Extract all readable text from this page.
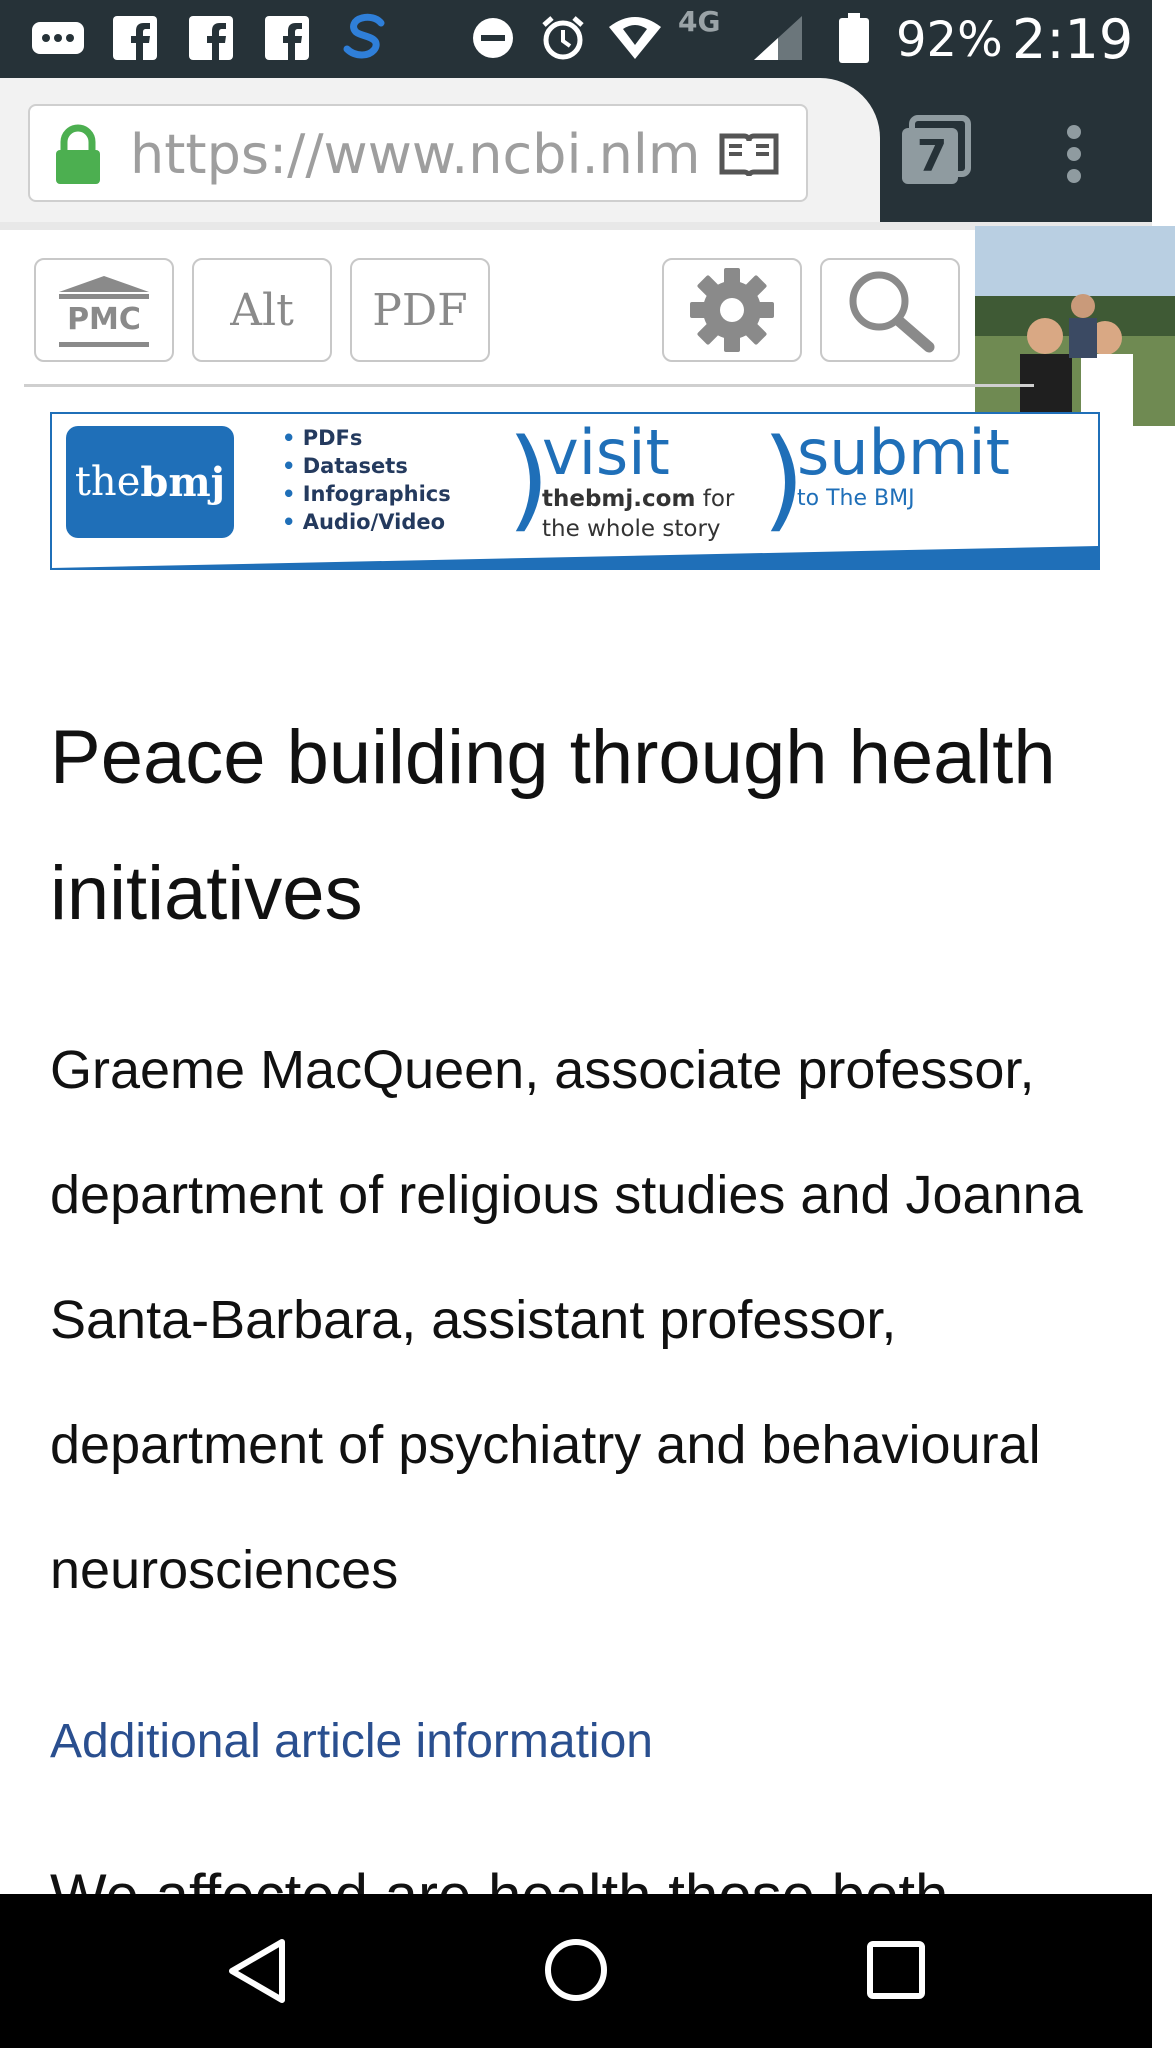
4G	92% 2:19
https://www.ncbi.nlm	7
PMC	Alt	PDF
the bmj
• PDFs
• Datasets
• Infographics
• Audio/Video )
visit
thebmj.com for
the whole story )
submit
to The BMJ
Peace building through health initiatives
Graeme MacQueen, associate professor, department of religious studies and Joanna Santa-Barbara, assistant professor, department of psychiatry and behavioural neurosciences
Additional article information
